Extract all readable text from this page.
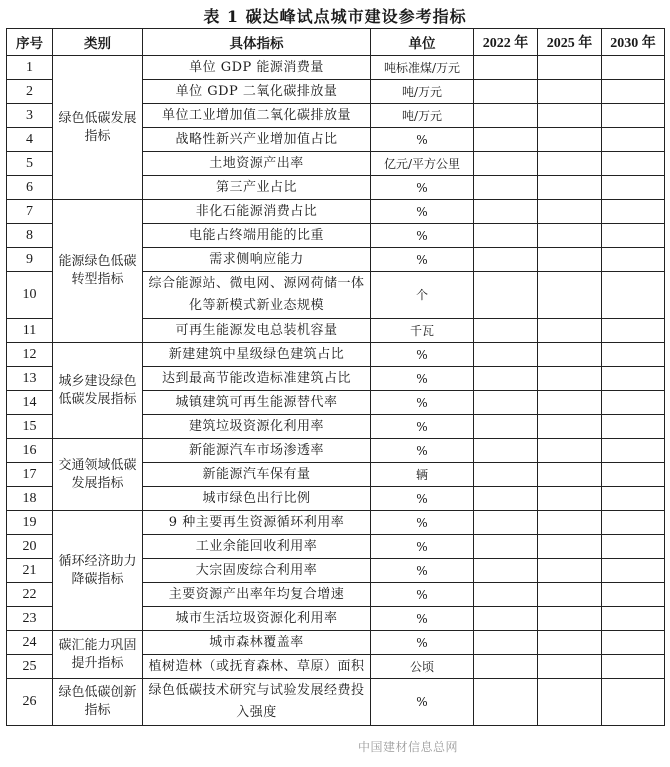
表 1 碳达峰试点城市建设参考指标
序号	类别	具体指标	单位	2022 年	2025 年	2030 年
1	绿色低碳发展指标	单位 GDP 能源消费量	吨标准煤/万元			
2		单位 GDP 二氧化碳排放量	吨/万元			
3		单位工业增加值二氧化碳排放量	吨/万元			
4		战略性新兴产业增加值占比	%			
5		土地资源产出率	亿元/平方公里			
6		第三产业占比	%			
7	能源绿色低碳转型指标	非化石能源消费占比	%			
8		电能占终端用能的比重	%			
9		需求侧响应能力	%			
10		综合能源站、微电网、源网荷储一体化等新模式新业态规模	个			
11		可再生能源发电总装机容量	千瓦			
12	城乡建设绿色低碳发展指标	新建建筑中星级绿色建筑占比	%			
13		达到最高节能改造标准建筑占比	%			
14		城镇建筑可再生能源替代率	%			
15		建筑垃圾资源化利用率	%			
16	交通领域低碳发展指标	新能源汽车市场渗透率	%			
17		新能源汽车保有量	辆			
18		城市绿色出行比例	%			
19	循环经济助力降碳指标	9 种主要再生资源循环利用率	%			
20		工业余能回收利用率	%			
21		大宗固废综合利用率	%			
22		主要资源产出率年均复合增速	%			
23		城市生活垃圾资源化利用率	%			
24	碳汇能力巩固提升指标	城市森林覆盖率	%			
25		植树造林（或抚育森林、草原）面积	公顷			
26	绿色低碳创新指标	绿色低碳技术研究与试验发展经费投入强度	%			
中国建材信息总网
